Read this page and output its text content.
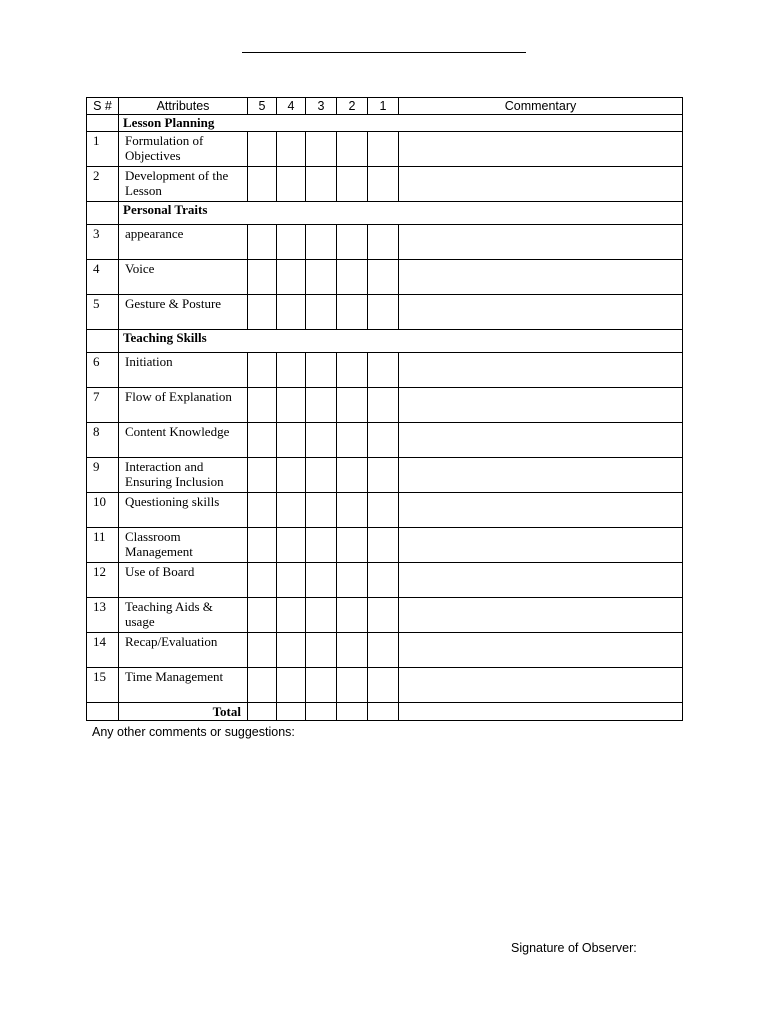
S #	Attributes	5	4	3	2	1	Commentary

	Lesson Planning						

1	Formulation of Objectives						

2	Development of the Lesson						

	Personal Traits						

3	appearance						

4	Voice						

5	Gesture & Posture						

	Teaching Skills						

6	Initiation						

7	Flow of Explanation						

8	Content Knowledge						

9	Interaction and Ensuring Inclusion						

10	Questioning skills						

11	Classroom Management						

12	Use of Board						

13	Teaching Aids & usage						

14	Recap/Evaluation						

15	Time Management						

	Total						

Any other comments or suggestions:
Signature of Observer:
